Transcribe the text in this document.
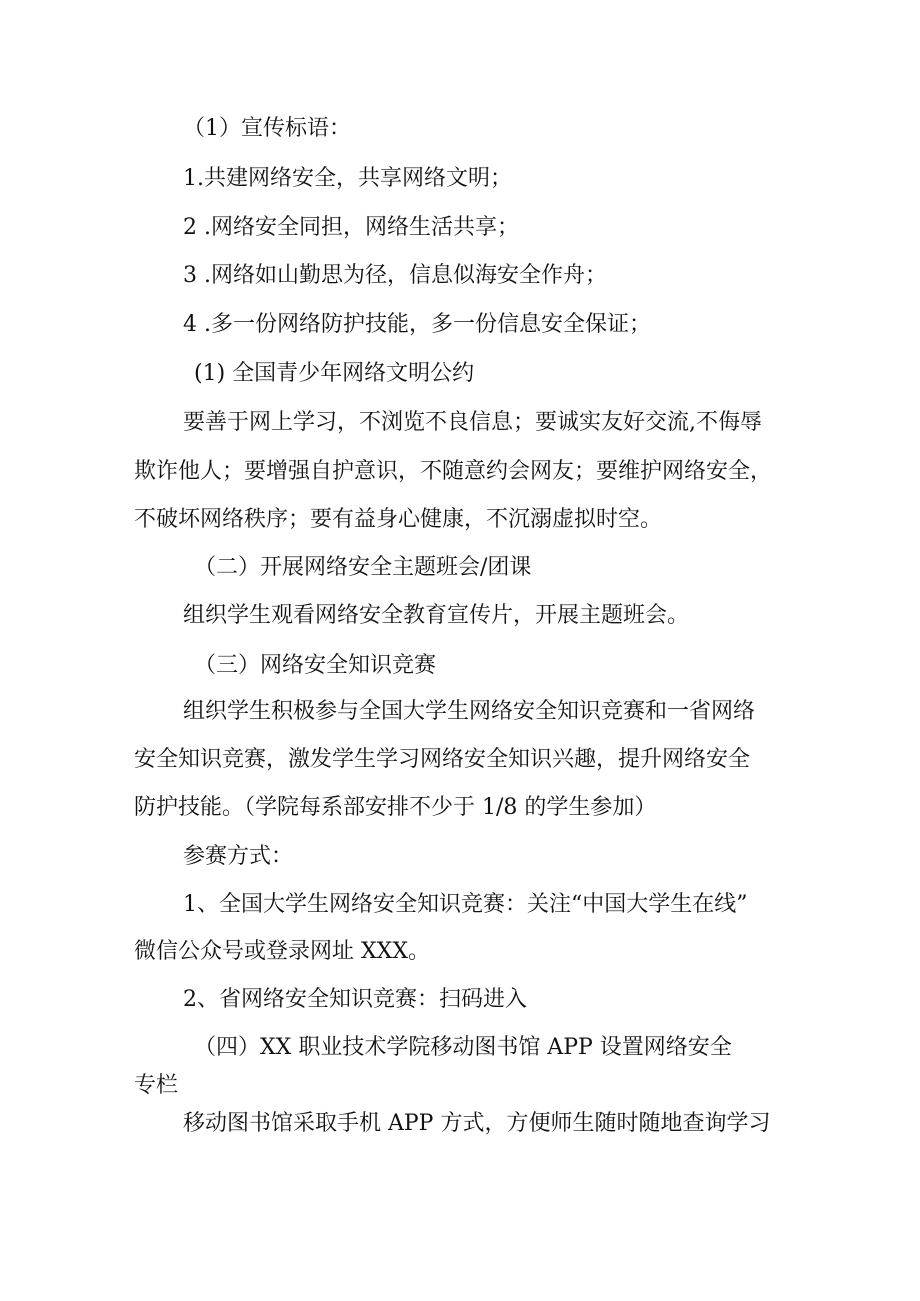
（1）宣传标语：

1.共建网络安全，共享网络文明；

2 .网络安全同担，网络生活共享；

3 .网络如山勤思为径，信息似海安全作舟；

4 .多一份网络防护技能，多一份信息安全保证；

(1) 全国青少年网络文明公约

要善于网上学习，不浏览不良信息；要诚实友好交流,不侮辱

欺诈他人；要增强自护意识，不随意约会网友；要维护网络安全，

不破坏网络秩序；要有益身心健康，不沉溺虚拟时空。

（二）开展网络安全主题班会/团课

组织学生观看网络安全教育宣传片，开展主题班会。

（三）网络安全知识竞赛

组织学生积极参与全国大学生网络安全知识竞赛和一省网络

安全知识竞赛，激发学生学习网络安全知识兴趣，提升网络安全

防护技能。（学院每系部安排不少于 1/8 的学生参加）

参赛方式：

1、全国大学生网络安全知识竞赛：关注“中国大学生在线”

微信公众号或登录网址 XXX。

2、省网络安全知识竞赛：扫码进入

（四）XX 职业技术学院移动图书馆 APP 设置网络安全

专栏

移动图书馆采取手机 APP 方式，方便师生随时随地查询学习
